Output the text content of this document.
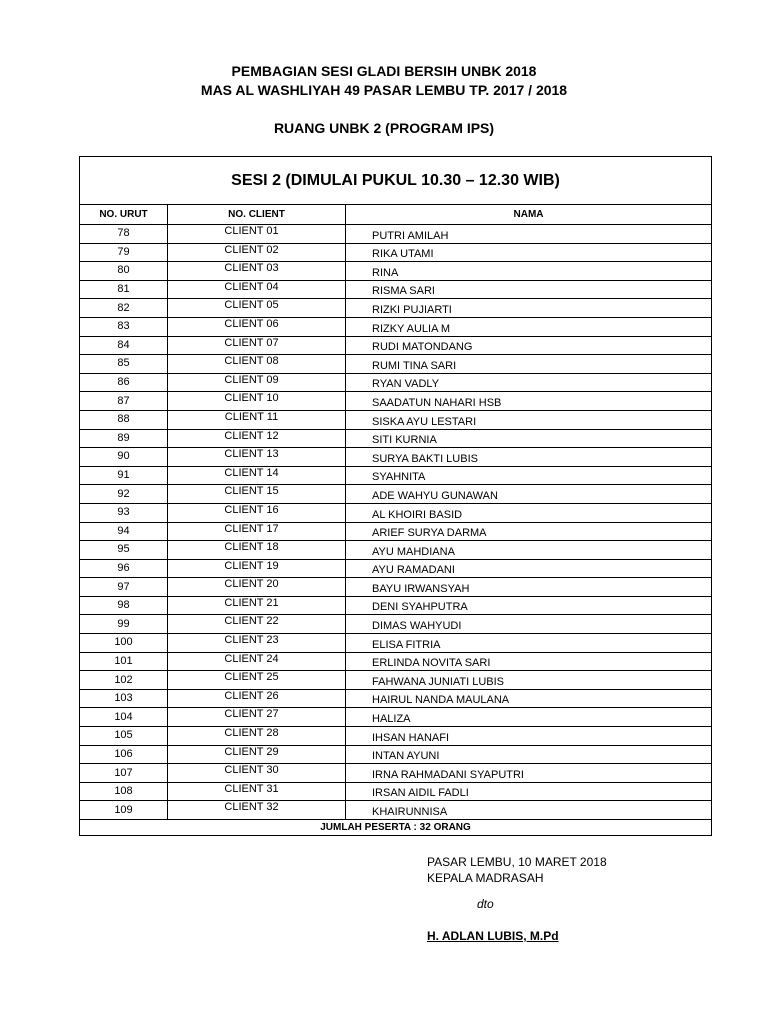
PEMBAGIAN SESI GLADI BERSIH UNBK 2018
MAS AL WASHLIYAH 49 PASAR LEMBU TP. 2017 / 2018
RUANG UNBK 2 (PROGRAM IPS)
SESI 2 (DIMULAI PUKUL 10.30 – 12.30 WIB)		
NO. URUT	NO. CLIENT	NAMA
78	CLIENT 01	PUTRI AMILAH
79	CLIENT 02	RIKA UTAMI
80	CLIENT 03	RINA
81	CLIENT 04	RISMA SARI
82	CLIENT 05	RIZKI PUJIARTI
83	CLIENT 06	RIZKY AULIA M
84	CLIENT 07	RUDI MATONDANG
85	CLIENT 08	RUMI TINA SARI
86	CLIENT 09	RYAN VADLY
87	CLIENT 10	SAADATUN NAHARI HSB
88	CLIENT 11	SISKA AYU LESTARI
89	CLIENT 12	SITI KURNIA
90	CLIENT 13	SURYA BAKTI LUBIS
91	CLIENT 14	SYAHNITA
92	CLIENT 15	ADE WAHYU GUNAWAN
93	CLIENT 16	AL KHOIRI BASID
94	CLIENT 17	ARIEF SURYA DARMA
95	CLIENT 18	AYU MAHDIANA
96	CLIENT 19	AYU RAMADANI
97	CLIENT 20	BAYU IRWANSYAH
98	CLIENT 21	DENI SYAHPUTRA
99	CLIENT 22	DIMAS WAHYUDI
100	CLIENT 23	ELISA FITRIA
101	CLIENT 24	ERLINDA NOVITA SARI
102	CLIENT 25	FAHWANA JUNIATI LUBIS
103	CLIENT 26	HAIRUL NANDA MAULANA
104	CLIENT 27	HALIZA
105	CLIENT 28	IHSAN HANAFI
106	CLIENT 29	INTAN AYUNI
107	CLIENT 30	IRNA RAHMADANI SYAPUTRI
108	CLIENT 31	IRSAN AIDIL FADLI
109	CLIENT 32	KHAIRUNNISA
JUMLAH PESERTA : 32 ORANG		
PASAR LEMBU, 10 MARET 2018
KEPALA MADRASAH
dto
H. ADLAN LUBIS, M.Pd
